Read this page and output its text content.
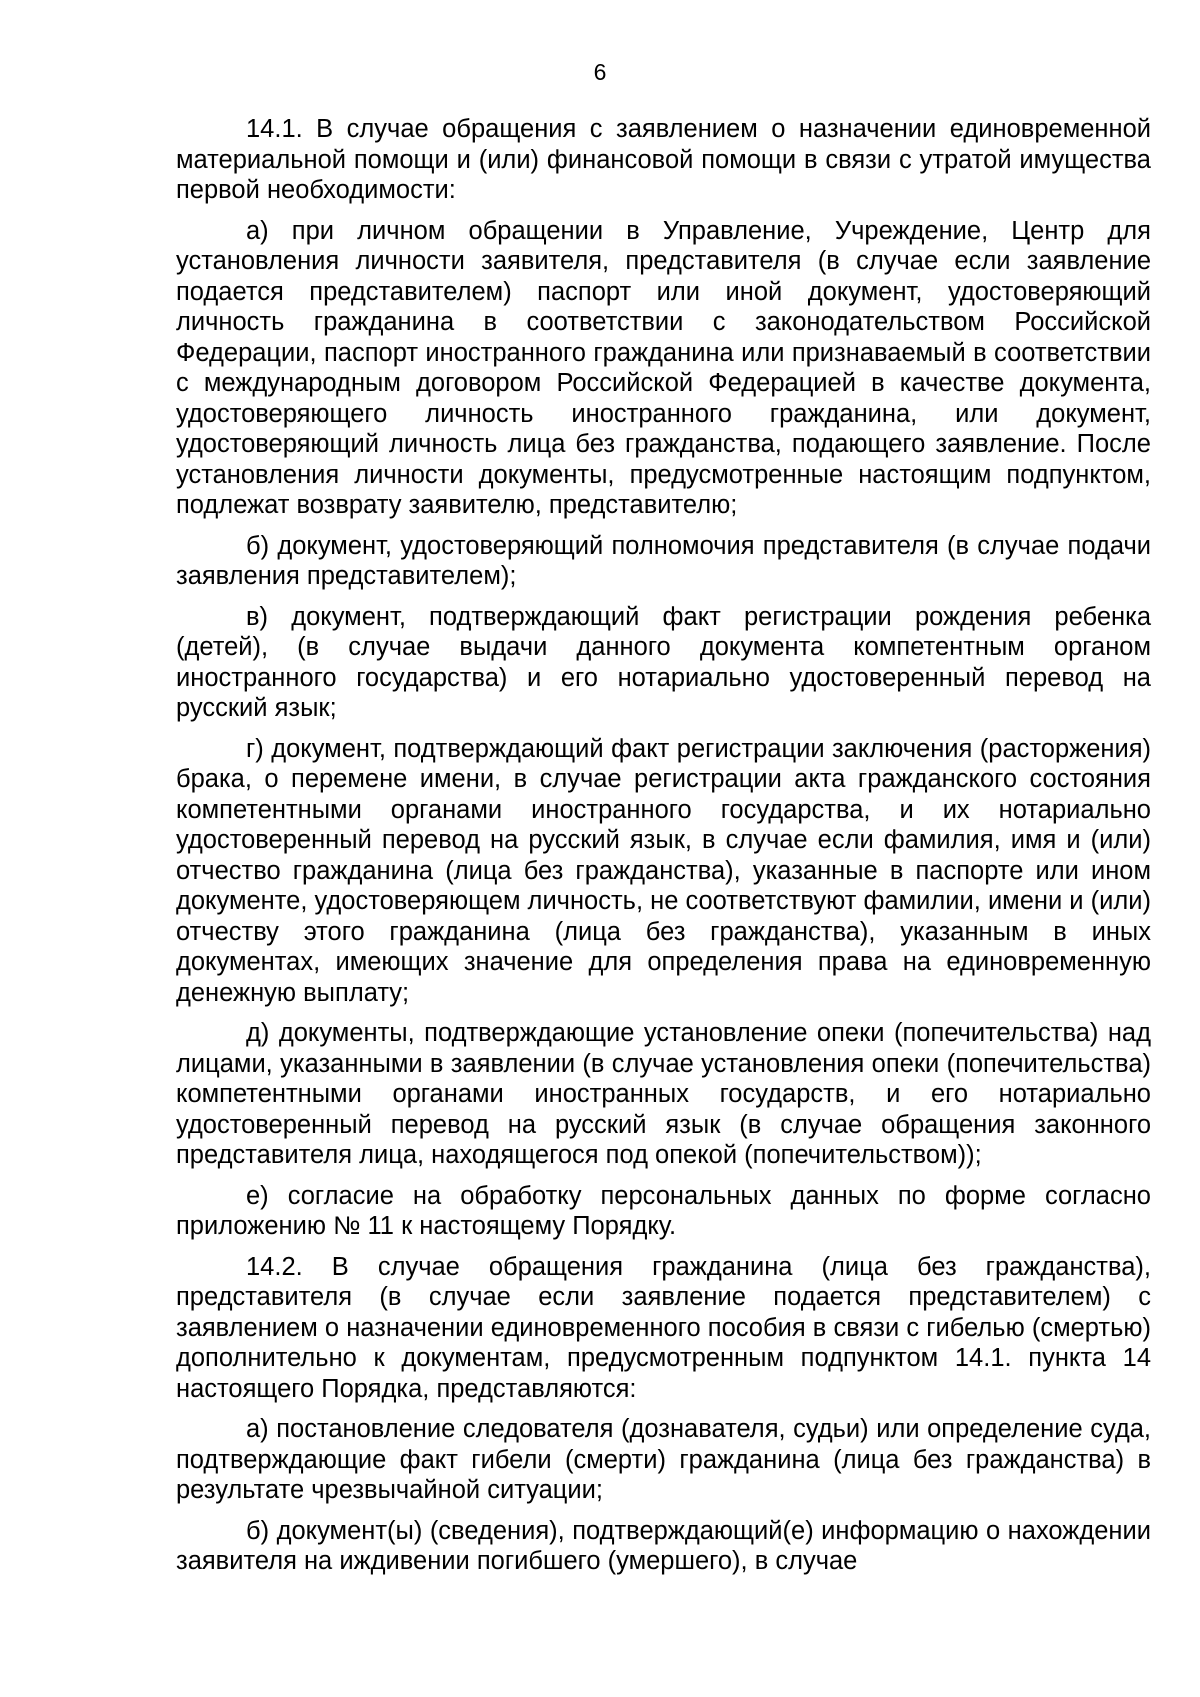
6

14.1. В случае обращения с заявлением о назначении единовременной материальной помощи и (или) финансовой помощи в связи с утратой имущества первой необходимости:

а) при личном обращении в Управление, Учреждение, Центр для установления личности заявителя, представителя (в случае если заявление подается представителем) паспорт или иной документ, удостоверяющий личность гражданина в соответствии с законодательством Российской Федерации, паспорт иностранного гражданина или признаваемый в соответствии с международным договором Российской Федерацией в качестве документа, удостоверяющего личность иностранного гражданина, или документ, удостоверяющий личность лица без гражданства, подающего заявление. После установления личности документы, предусмотренные настоящим подпунктом, подлежат возврату заявителю, представителю;

б) документ, удостоверяющий полномочия представителя (в случае подачи заявления представителем);

в) документ, подтверждающий факт регистрации рождения ребенка (детей), (в случае выдачи данного документа компетентным органом иностранного государства) и его нотариально удостоверенный перевод на русский язык;

г) документ, подтверждающий факт регистрации заключения (расторжения) брака, о перемене имени, в случае регистрации акта гражданского состояния компетентными органами иностранного государства, и их нотариально удостоверенный перевод на русский язык, в случае если фамилия, имя и (или) отчество гражданина (лица без гражданства), указанные в паспорте или ином документе, удостоверяющем личность, не соответствуют фамилии, имени и (или) отчеству этого гражданина (лица без гражданства), указанным в иных документах, имеющих значение для определения права на единовременную денежную выплату;

д) документы, подтверждающие установление опеки (попечительства) над лицами, указанными в заявлении (в случае установления опеки (попечительства) компетентными органами иностранных государств, и его нотариально удостоверенный перевод на русский язык (в случае обращения законного представителя лица, находящегося под опекой (попечительством));

е) согласие на обработку персональных данных по форме согласно приложению № 11 к настоящему Порядку.

14.2. В случае обращения гражданина (лица без гражданства), представителя (в случае если заявление подается представителем) с заявлением о назначении единовременного пособия в связи с гибелью (смертью) дополнительно к документам, предусмотренным подпунктом 14.1. пункта 14 настоящего Порядка, представляются:

а) постановление следователя (дознавателя, судьи) или определение суда, подтверждающие факт гибели (смерти) гражданина (лица без гражданства) в результате чрезвычайной ситуации;

б) документ(ы) (сведения), подтверждающий(е) информацию о нахождении заявителя на иждивении погибшего (умершего), в случае
